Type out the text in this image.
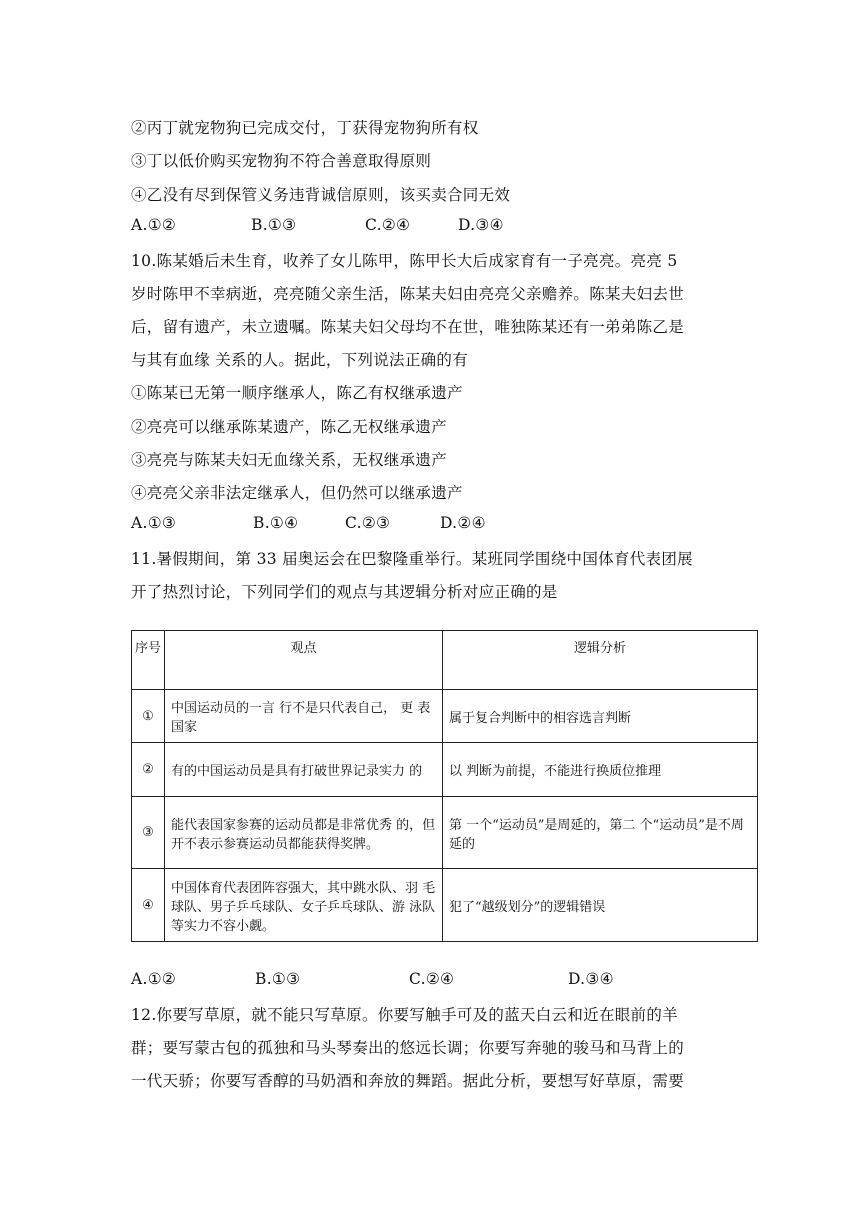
②丙丁就宠物狗已完成交付，丁获得宠物狗所有权
③丁以低价购买宠物狗不符合善意取得原则
④乙没有尽到保管义务违背诚信原则，该买卖合同无效
A.①②	B.①③	C.②④	D.③④
10.陈某婚后未生育，收养了女儿陈甲，陈甲长大后成家育有一子亮亮。亮亮 5
岁时陈甲不幸病逝，亮亮随父亲生活，陈某夫妇由亮亮父亲赡养。陈某夫妇去世
后，留有遗产，未立遗嘱。陈某夫妇父母均不在世，唯独陈某还有一弟弟陈乙是
与其有血缘 关系的人。据此，下列说法正确的有
①陈某已无第一顺序继承人，陈乙有权继承遗产
②亮亮可以继承陈某遗产，陈乙无权继承遗产
③亮亮与陈某夫妇无血缘关系，无权继承遗产
④亮亮父亲非法定继承人，但仍然可以继承遗产
A.①③	B.①④	C.②③	D.②④
11.暑假期间，第 33 届奥运会在巴黎隆重举行。某班同学围绕中国体育代表团展
开了热烈讨论，下列同学们的观点与其逻辑分析对应正确的是
序号	观点	逻辑分析
①	中国运动员的一言 行不是只代表自己， 更 表国家	属于复合判断中的相容选言判断
②	有的中国运动员是具有打破世界记录实力 的	以 判断为前提，不能进行换质位推理
③	能代表国家参赛的运动员都是非常优秀 的，但开不表示参赛运动员都能获得奖牌。	第 一个“运动员”是周延的，第二 个“运动员”是不周延的
④	中国体育代表团阵容强大，其中跳水队、羽 毛球队、男子乒乓球队、女子乒乓球队、游 泳队等实力不容小觑。	犯了“越级划分”的逻辑错误
A.①②	B.①③	C.②④	D.③④
12.你要写草原，就不能只写草原。你要写触手可及的蓝天白云和近在眼前的羊
群；要写蒙古包的孤独和马头琴奏出的悠远长调；你要写奔驰的骏马和马背上的
一代天骄；你要写香醇的马奶酒和奔放的舞蹈。据此分析，要想写好草原，需要
